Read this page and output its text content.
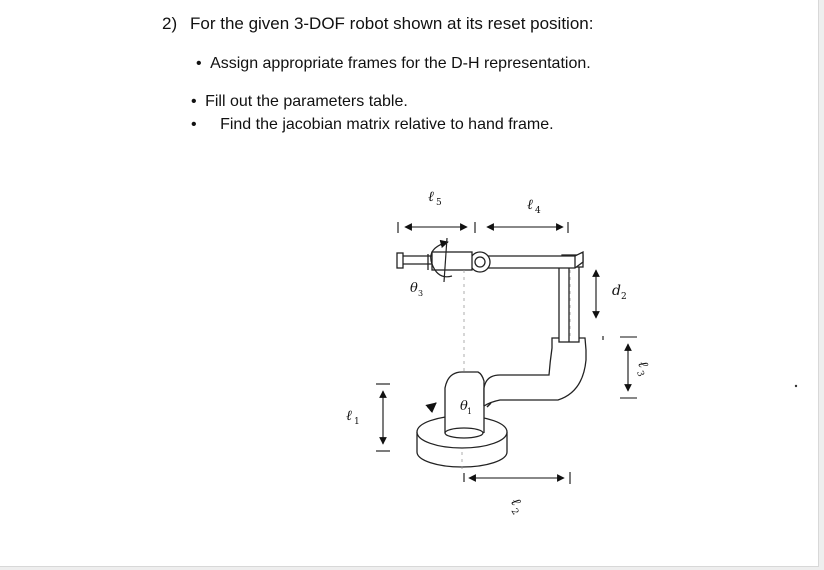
2) For the given 3-DOF robot shown at its reset position:
• Assign appropriate frames for the D-H representation.
• Fill out the parameters table.
• Find the jacobian matrix relative to hand frame.
ℓ 5	ℓ 4
d 2
ℓ
3
ℓ 1
ℓ
2
θ 3
θ 1
